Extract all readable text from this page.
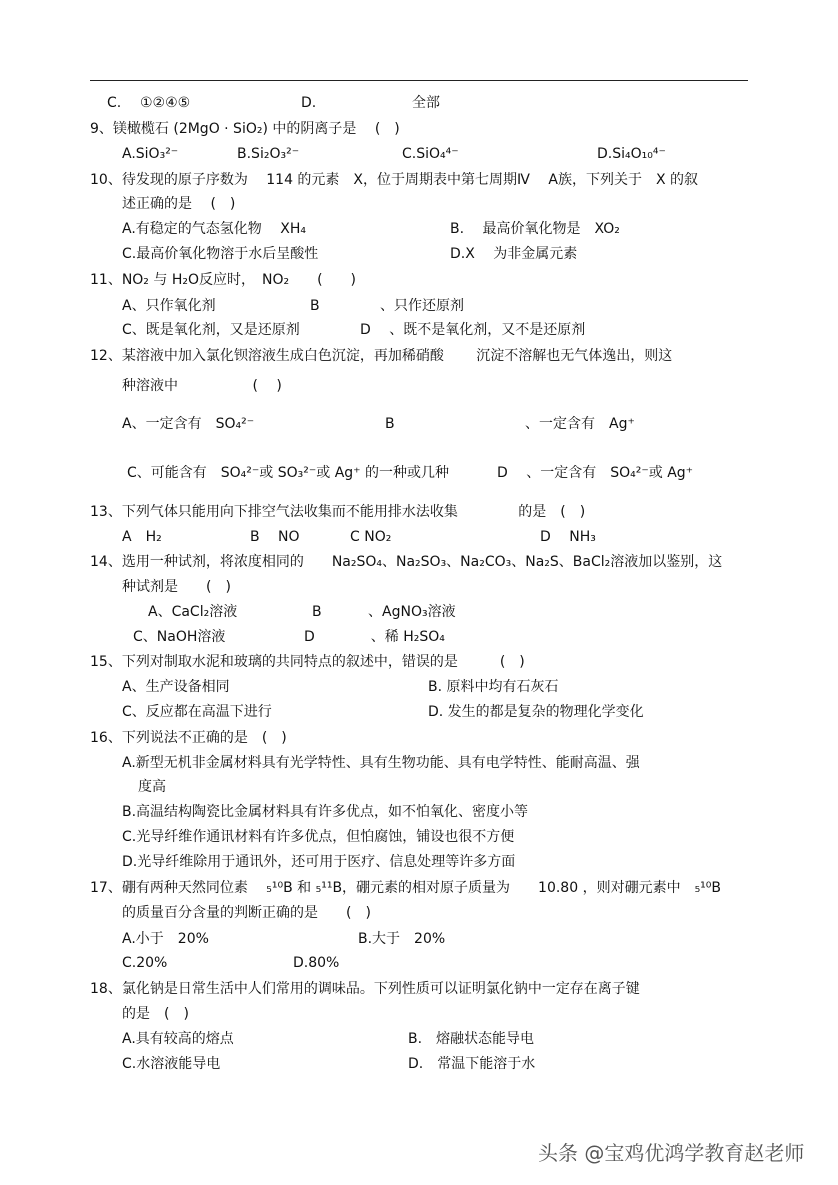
C. ①②④⑤	D.	全部
9、镁橄榄石 (2MgO · SiO₂) 中的阴离子是　 (　)
A.SiO₃²⁻	B.Si₂O₃²⁻	C.SiO₄⁴⁻	D.Si₄O₁₀⁴⁻
10、待发现的原子序数为　 114 的元素　X，位于周期表中第七周期Ⅳ　 A族，下列关于　X 的叙
述正确的是　 (　)
A.有稳定的气态氢化物　 XH₄	B.　 最高价氧化物是　XO₂
C.最高价氧化物溶于水后呈酸性	D.X　 为非金属元素
11、NO₂ 与 H₂O反应时，　NO₂　　(　　)
A、只作氧化剂	B　　　　 、只作还原剂
C、既是氧化剂，又是还原剂	D　 、既不是氧化剂，又不是还原剂
12、某溶液中加入氯化钡溶液生成白色沉淀，再加稀硝酸　　 沉淀不溶解也无气体逸出，则这
种溶液中　　　　　 (　 )
A、一定含有　SO₄²⁻	B　　　　　　　　　 、一定含有　Ag⁺
C、可能含有　SO₄²⁻或 SO₃²⁻或 Ag⁺ 的一种或几种	D　 、一定含有　SO₄²⁻或 Ag⁺
13、下列气体只能用向下排空气法收集而不能用排水法收集　　　　 的是　(　)
A　H₂	B　 NO	C NO₂	D　 NH₃
14、选用一种试剂，将浓度相同的　　Na₂SO₄、Na₂SO₃、Na₂CO₃、Na₂S、BaCl₂溶液加以鉴别，这
种试剂是　　(　)
A、CaCl₂溶液	B　　　 、AgNO₃溶液
C、NaOH溶液	D　　　　、稀 H₂SO₄
15、下列对制取水泥和玻璃的共同特点的叙述中，错误的是　　　(　)
A、生产设备相同	B. 原料中均有石灰石
C、反应都在高温下进行	D. 发生的都是复杂的物理化学变化
16、下列说法不正确的是　(　)
A.新型无机非金属材料具有光学特性、具有生物功能、具有电学特性、能耐高温、强
度高
B.高温结构陶瓷比金属材料具有许多优点，如不怕氧化、密度小等
C.光导纤维作通讯材料有许多优点，但怕腐蚀，铺设也很不方便
D.光导纤维除用于通讯外，还可用于医疗、信息处理等许多方面
17、硼有两种天然同位素　 ₅¹⁰B 和 ₅¹¹B，硼元素的相对原子质量为　　10.80 ，则对硼元素中　₅¹⁰B
的质量百分含量的判断正确的是　　(　)
A.小于　20%	B.大于　20%
C.20%	D.80%
18、氯化钠是日常生活中人们常用的调味品。下列性质可以证明氯化钠中一定存在离子键
的是　(　)
A.具有较高的熔点	B.　熔融状态能导电
C.水溶液能导电	D.　常温下能溶于水
头条 @宝鸡优鸿学教育赵老师
